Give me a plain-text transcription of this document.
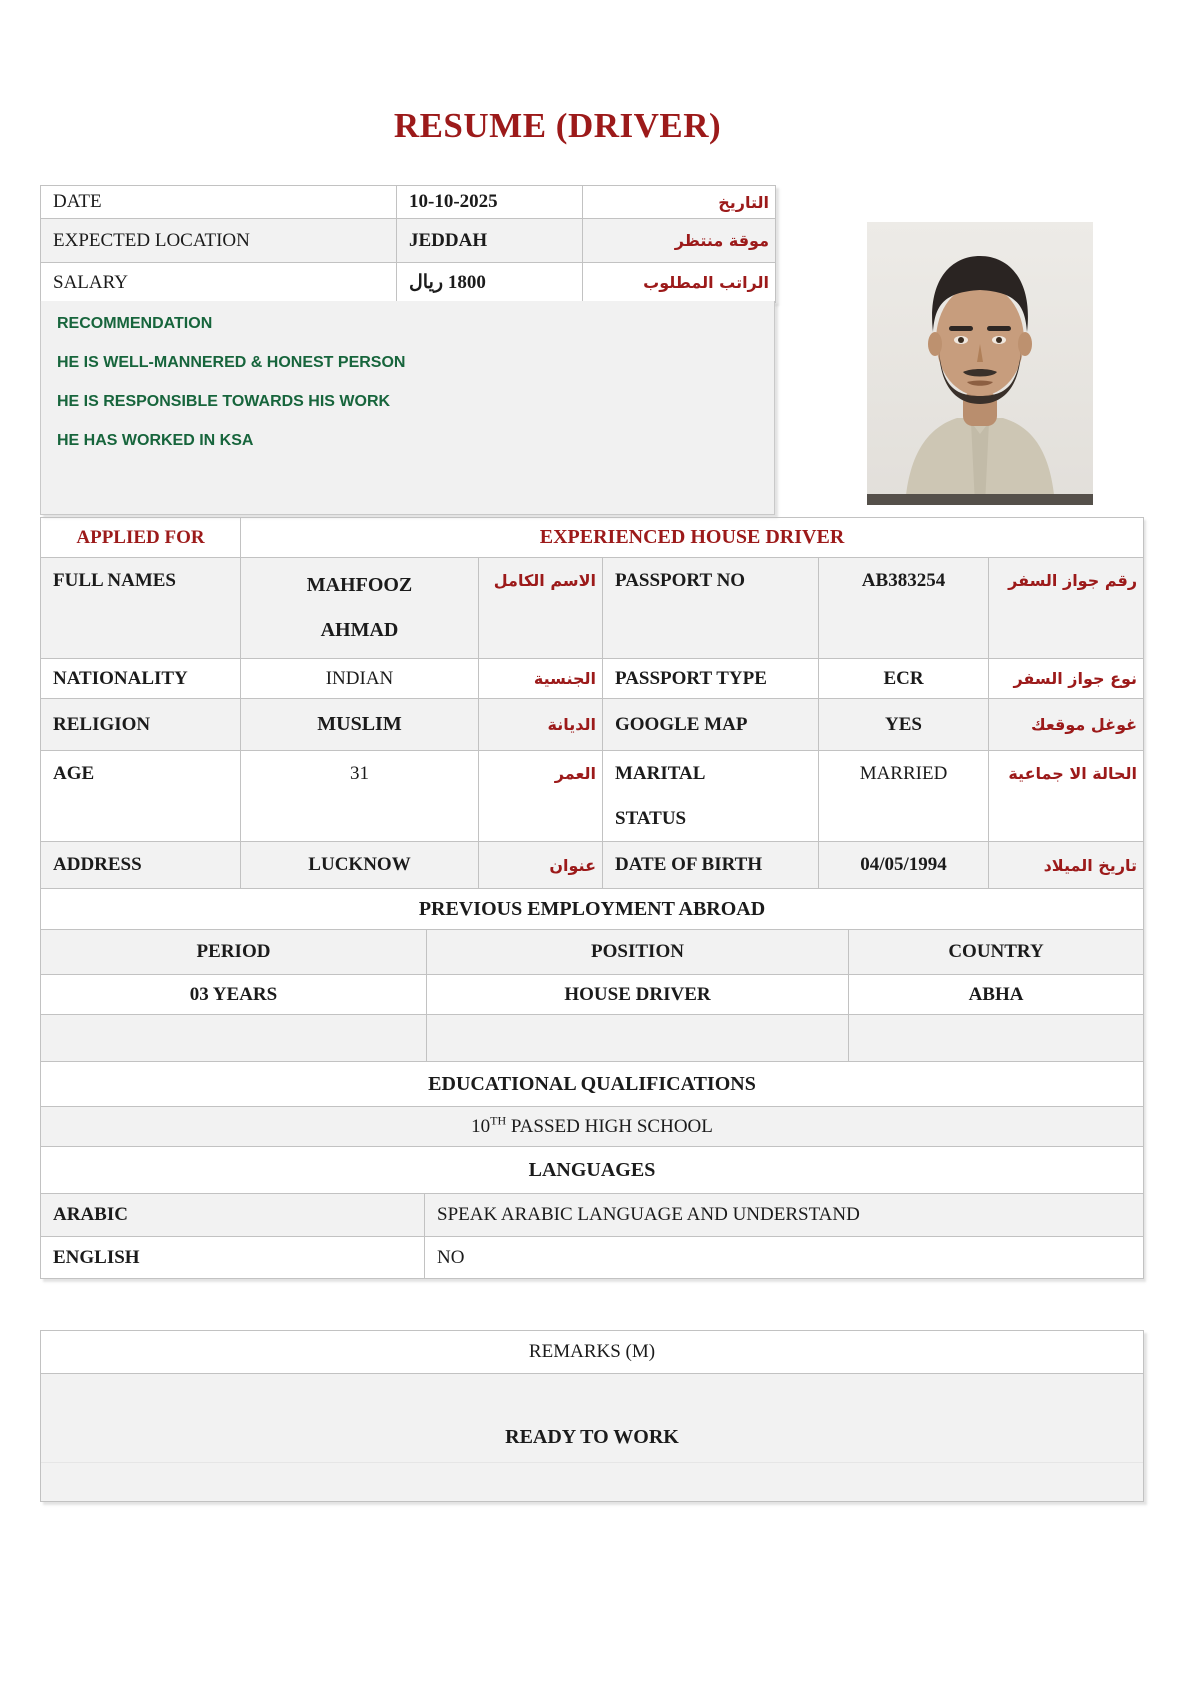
RESUME (DRIVER)
DATE	10-10-2025	التاريخ
EXPECTED LOCATION	JEDDAH	موقة منتظر
SALARY	1800 ريال	الراتب المطلوب

RECOMMENDATION

HE IS WELL-MANNERED & HONEST PERSON

HE IS RESPONSIBLE TOWARDS HIS WORK

HE HAS WORKED IN KSA

APPLIED FOR	EXPERIENCED HOUSE DRIVER				
FULL NAMES	MAHFOOZ AHMAD	الاسم الكامل	PASSPORT NO	AB383254	رقم جواز السفر
NATIONALITY	INDIAN	الجنسية	PASSPORT TYPE	ECR	نوع جواز السفر
RELIGION	MUSLIM	الديانة	GOOGLE MAP	YES	غوغل موقعك
AGE	31	العمر	MARITAL STATUS	MARRIED	الحالة الا جماعية
ADDRESS	LUCKNOW	عنوان	DATE OF BIRTH	04/05/1994	تاريخ الميلاد
PREVIOUS EMPLOYMENT ABROAD		
PERIOD	POSITION	COUNTRY
03 YEARS	HOUSE DRIVER	ABHA

EDUCATIONAL QUALIFICATIONS	
10TH PASSED HIGH SCHOOL	
LANGUAGES	
ARABIC	SPEAK ARABIC LANGUAGE AND UNDERSTAND
ENGLISH	NO
REMARKS (M)

READY TO WORK
